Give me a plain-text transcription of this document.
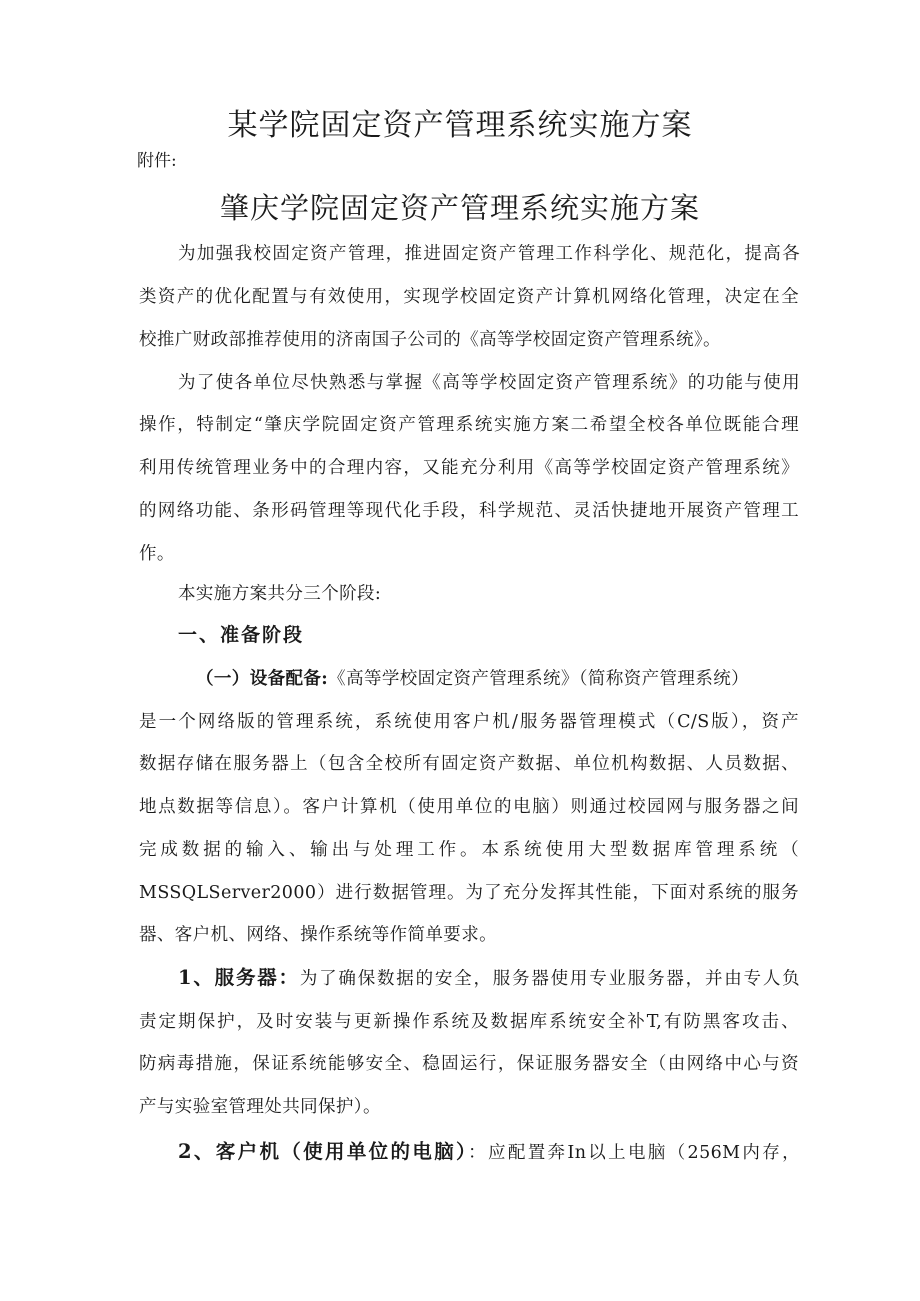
某学院固定资产管理系统实施方案
附件:
肇庆学院固定资产管理系统实施方案
为加强我校固定资产管理，推进固定资产管理工作科学化、规范化，提高各
类资产的优化配置与有效使用，实现学校固定资产计算机网络化管理，决定在全
校推广财政部推荐使用的济南国子公司的《高等学校固定资产管理系统》。
为了使各单位尽快熟悉与掌握《高等学校固定资产管理系统》的功能与使用
操作，特制定“肇庆学院固定资产管理系统实施方案二希望全校各单位既能合理
利用传统管理业务中的合理内容，又能充分利用《高等学校固定资产管理系统》
的网络功能、条形码管理等现代化手段，科学规范、灵活快捷地开展资产管理工
作。
本实施方案共分三个阶段:
一、准备阶段
（一）设备配备:《高等学校固定资产管理系统》（简称资产管理系统）
是一个网络版的管理系统，系统使用客户机/服务器管理模式（C/S版），资产
数据存储在服务器上（包含全校所有固定资产数据、单位机构数据、人员数据、
地点数据等信息）。客户计算机（使用单位的电脑）则通过校园网与服务器之间
完成数据的输入、输出与处理工作。本系统使用大型数据库管理系统（
MSSQLServer2000）进行数据管理。为了充分发挥其性能，下面对系统的服务
器、客户机、网络、操作系统等作简单要求。
1、服务器：为了确保数据的安全，服务器使用专业服务器，并由专人负
责定期保护，及时安装与更新操作系统及数据库系统安全补T,有防黑客攻击、
防病毒措施，保证系统能够安全、稳固运行，保证服务器安全（由网络中心与资
产与实验室管理处共同保护）。
2、客户机（使用单位的电脑）：应配置奔In以上电脑（256M内存，
